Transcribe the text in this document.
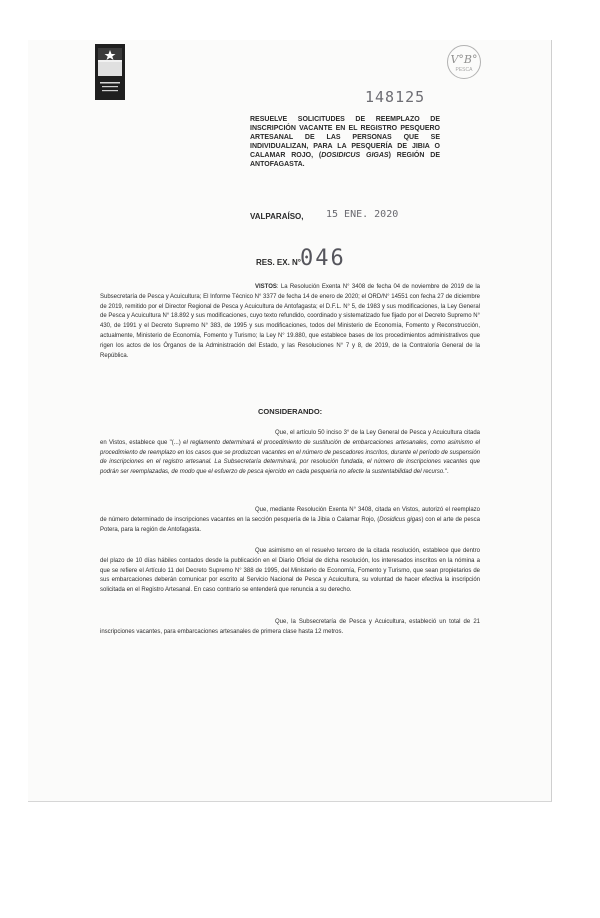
V°B°
PESCA
148125
RESUELVE SOLICITUDES DE REEMPLAZO DE INSCRIPCIÓN VACANTE EN EL REGISTRO PESQUERO ARTESANAL DE LAS PERSONAS QUE SE INDIVIDUALIZAN, PARA LA PESQUERÍA DE JIBIA O CALAMAR ROJO, (DOSIDICUS GIGAS) REGIÓN DE ANTOFAGASTA.
VALPARAÍSO, 15 ENE. 2020
RES. EX. N° 046
VISTOS: La Resolución Exenta N° 3408 de fecha 04 de noviembre de 2019 de la Subsecretaría de Pesca y Acuicultura; El Informe Técnico N° 3377 de fecha 14 de enero de 2020; el ORD/N° 14551 con fecha 27 de diciembre de 2019, remitido por el Director Regional de Pesca y Acuicultura de Antofagasta; el D.F.L. N° 5, de 1983 y sus modificaciones, la Ley General de Pesca y Acuicultura N° 18.892 y sus modificaciones, cuyo texto refundido, coordinado y sistematizado fue fijado por el Decreto Supremo N° 430, de 1991 y el Decreto Supremo N° 383, de 1995 y sus modificaciones, todos del Ministerio de Economía, Fomento y Reconstrucción, actualmente, Ministerio de Economía, Fomento y Turismo; la Ley N° 19.880, que establece bases de los procedimientos administrativos que rigen los actos de los Órganos de la Administración del Estado, y las Resoluciones N° 7 y 8, de 2019, de la Contraloría General de la República.
CONSIDERANDO:
Que, el artículo 50 inciso 3° de la Ley General de Pesca y Acuicultura citada en Vistos, establece que "(...) el reglamento determinará el procedimiento de sustitución de embarcaciones artesanales, como asimismo el procedimiento de reemplazo en los casos que se produzcan vacantes en el número de pescadores inscritos, durante el período de suspensión de inscripciones en el registro artesanal. La Subsecretaría determinará, por resolución fundada, el número de inscripciones vacantes que podrán ser reemplazadas, de modo que el esfuerzo de pesca ejercido en cada pesquería no afecte la sustentabilidad del recurso.".
Que, mediante Resolución Exenta N° 3408, citada en Vistos, autorizó el reemplazo de número determinado de inscripciones vacantes en la sección pesquería de la Jibia o Calamar Rojo, (Dosidicus gigas) con el arte de pesca Potera, para la región de Antofagasta.
Que asimismo en el resuelvo tercero de la citada resolución, establece que dentro del plazo de 10 días hábiles contados desde la publicación en el Diario Oficial de dicha resolución, los interesados inscritos en la nómina a que se refiere el Artículo 11 del Decreto Supremo N° 388 de 1995, del Ministerio de Economía, Fomento y Turismo, que sean propietarios de sus embarcaciones deberán comunicar por escrito al Servicio Nacional de Pesca y Acuicultura, su voluntad de hacer efectiva la inscripción solicitada en el Registro Artesanal. En caso contrario se entenderá que renuncia a su derecho.
Que, la Subsecretaría de Pesca y Acuicultura, estableció un total de 21 inscripciones vacantes, para embarcaciones artesanales de primera clase hasta 12 metros.
